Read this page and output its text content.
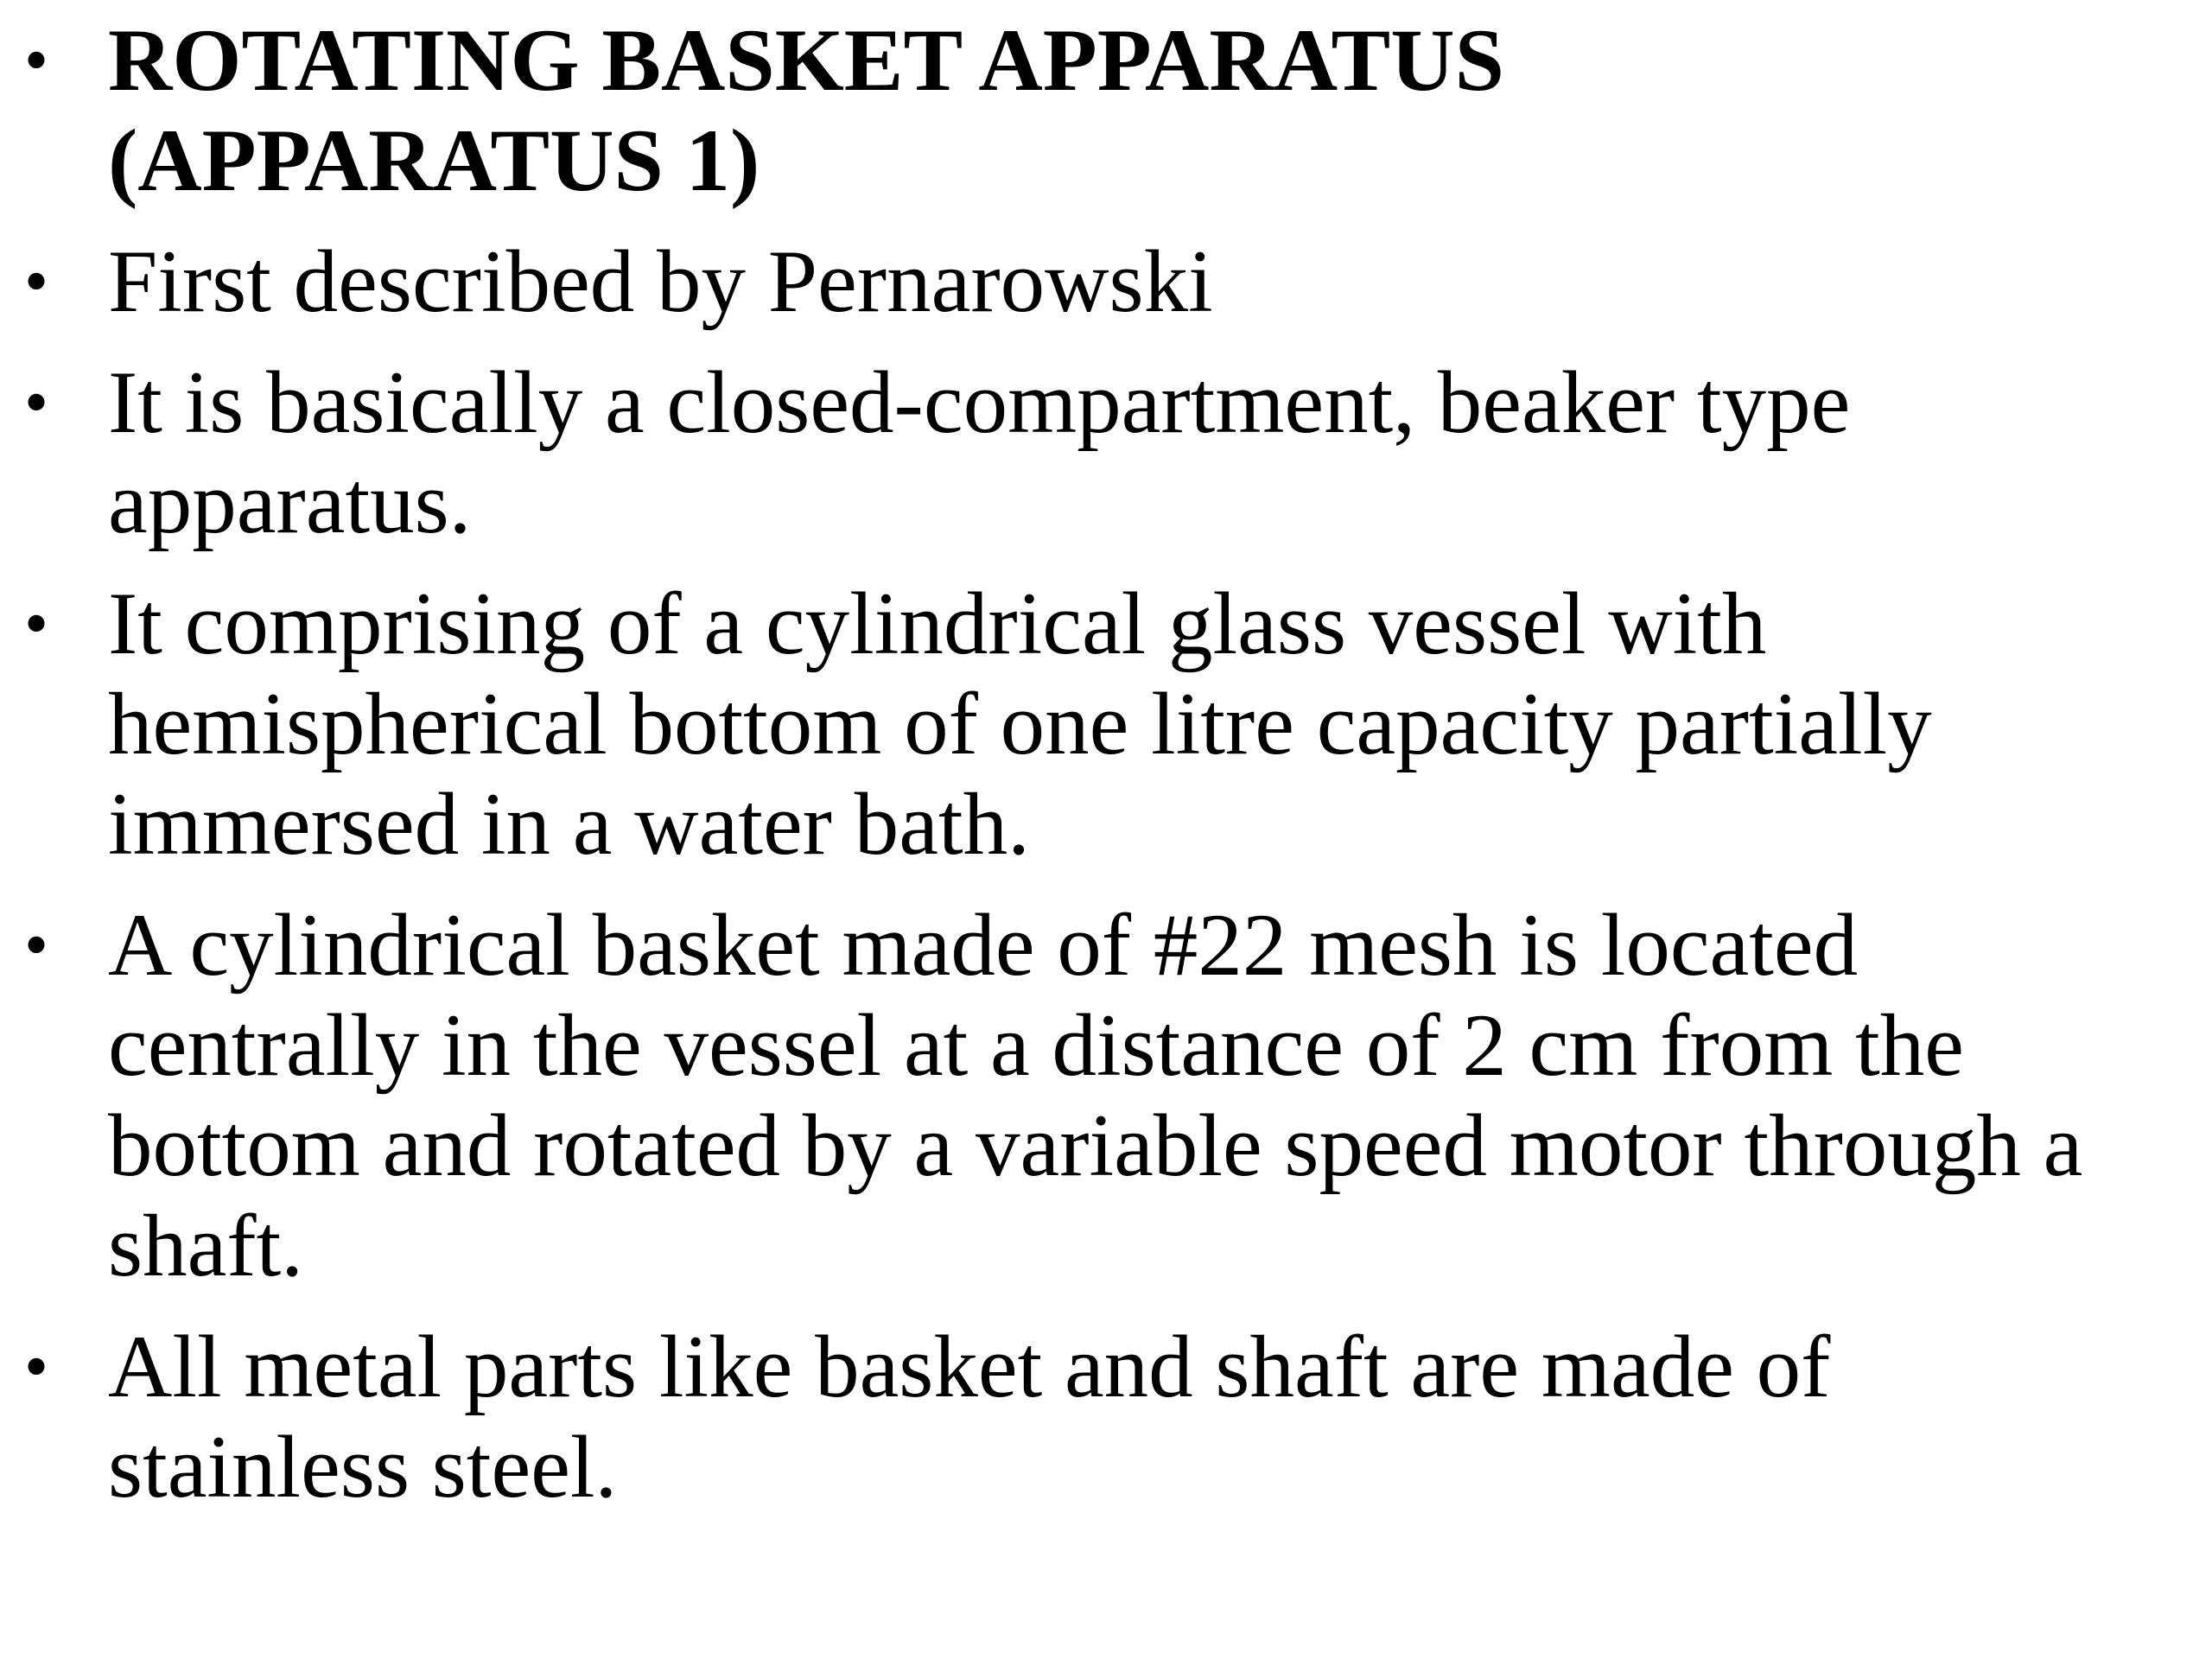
• ROTATING BASKET APPARATUS
(APPARATUS 1)
• First described by Pernarowski
• It is basically a closed-compartment, beaker type
apparatus.
• It comprising of a cylindrical glass vessel with
hemispherical bottom of one litre capacity partially
immersed in a water bath.
• A cylindrical basket made of #22 mesh is located
centrally in the vessel at a distance of 2 cm from the
bottom and rotated by a variable speed motor through a
shaft.
• All metal parts like basket and shaft are made of
stainless steel.
